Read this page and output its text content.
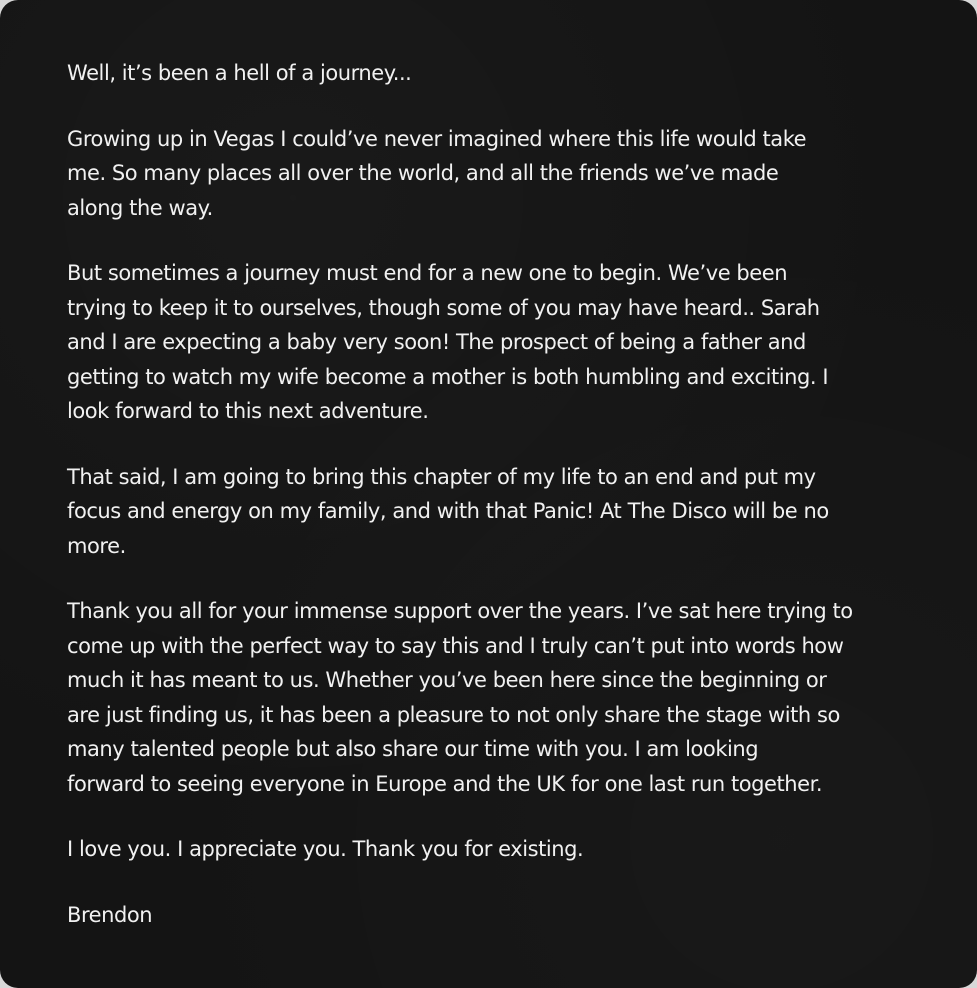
Well, it’s been a hell of a journey...

Growing up in Vegas I could’ve never imagined where this life would take
me. So many places all over the world, and all the friends we’ve made
along the way.

But sometimes a journey must end for a new one to begin. We’ve been
trying to keep it to ourselves, though some of you may have heard.. Sarah
and I are expecting a baby very soon! The prospect of being a father and
getting to watch my wife become a mother is both humbling and exciting. I
look forward to this next adventure.

That said, I am going to bring this chapter of my life to an end and put my
focus and energy on my family, and with that Panic! At The Disco will be no
more.

Thank you all for your immense support over the years. I’ve sat here trying to
come up with the perfect way to say this and I truly can’t put into words how
much it has meant to us. Whether you’ve been here since the beginning or
are just finding us, it has been a pleasure to not only share the stage with so
many talented people but also share our time with you. I am looking
forward to seeing everyone in Europe and the UK for one last run together.

I love you. I appreciate you. Thank you for existing.

Brendon
